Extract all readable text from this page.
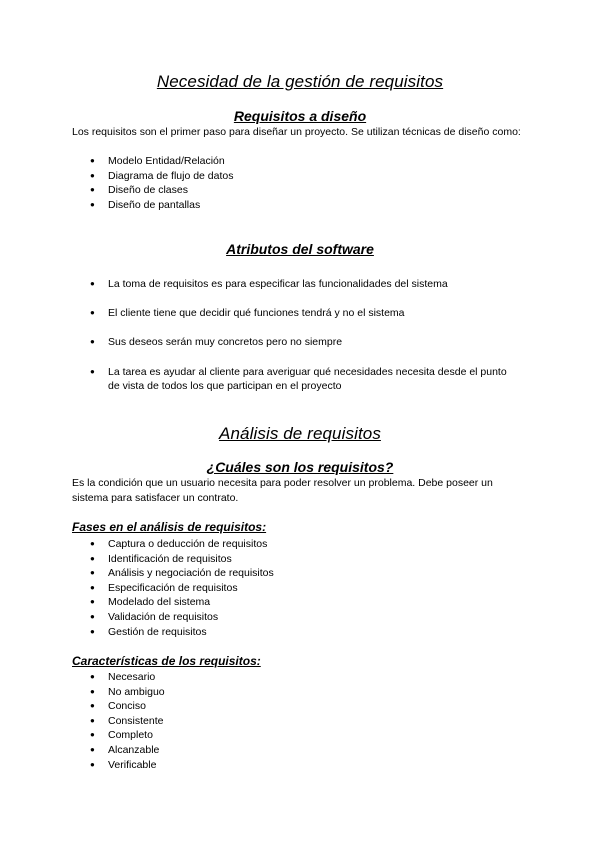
Necesidad de la gestión de requisitos
Requisitos a diseño
Los requisitos son el primer paso para diseñar un proyecto. Se utilizan técnicas de diseño como:
● Modelo Entidad/Relación
● Diagrama de flujo de datos
● Diseño de clases
● Diseño de pantallas
Atributos del software
● La toma de requisitos es para especificar las funcionalidades del sistema
● El cliente tiene que decidir qué funciones tendrá y no el sistema
● Sus deseos serán muy concretos pero no siempre
● La tarea es ayudar al cliente para averiguar qué necesidades necesita desde el punto de vista de todos los que participan en el proyecto
Análisis de requisitos
¿Cuáles son los requisitos?
Es la condición que un usuario necesita para poder resolver un problema. Debe poseer un sistema para satisfacer un contrato.
Fases en el análisis de requisitos:
● Captura o deducción de requisitos
● Identificación de requisitos
● Análisis y negociación de requisitos
● Especificación de requisitos
● Modelado del sistema
● Validación de requisitos
● Gestión de requisitos
Características de los requisitos:
● Necesario
● No ambiguo
● Conciso
● Consistente
● Completo
● Alcanzable
● Verificable
